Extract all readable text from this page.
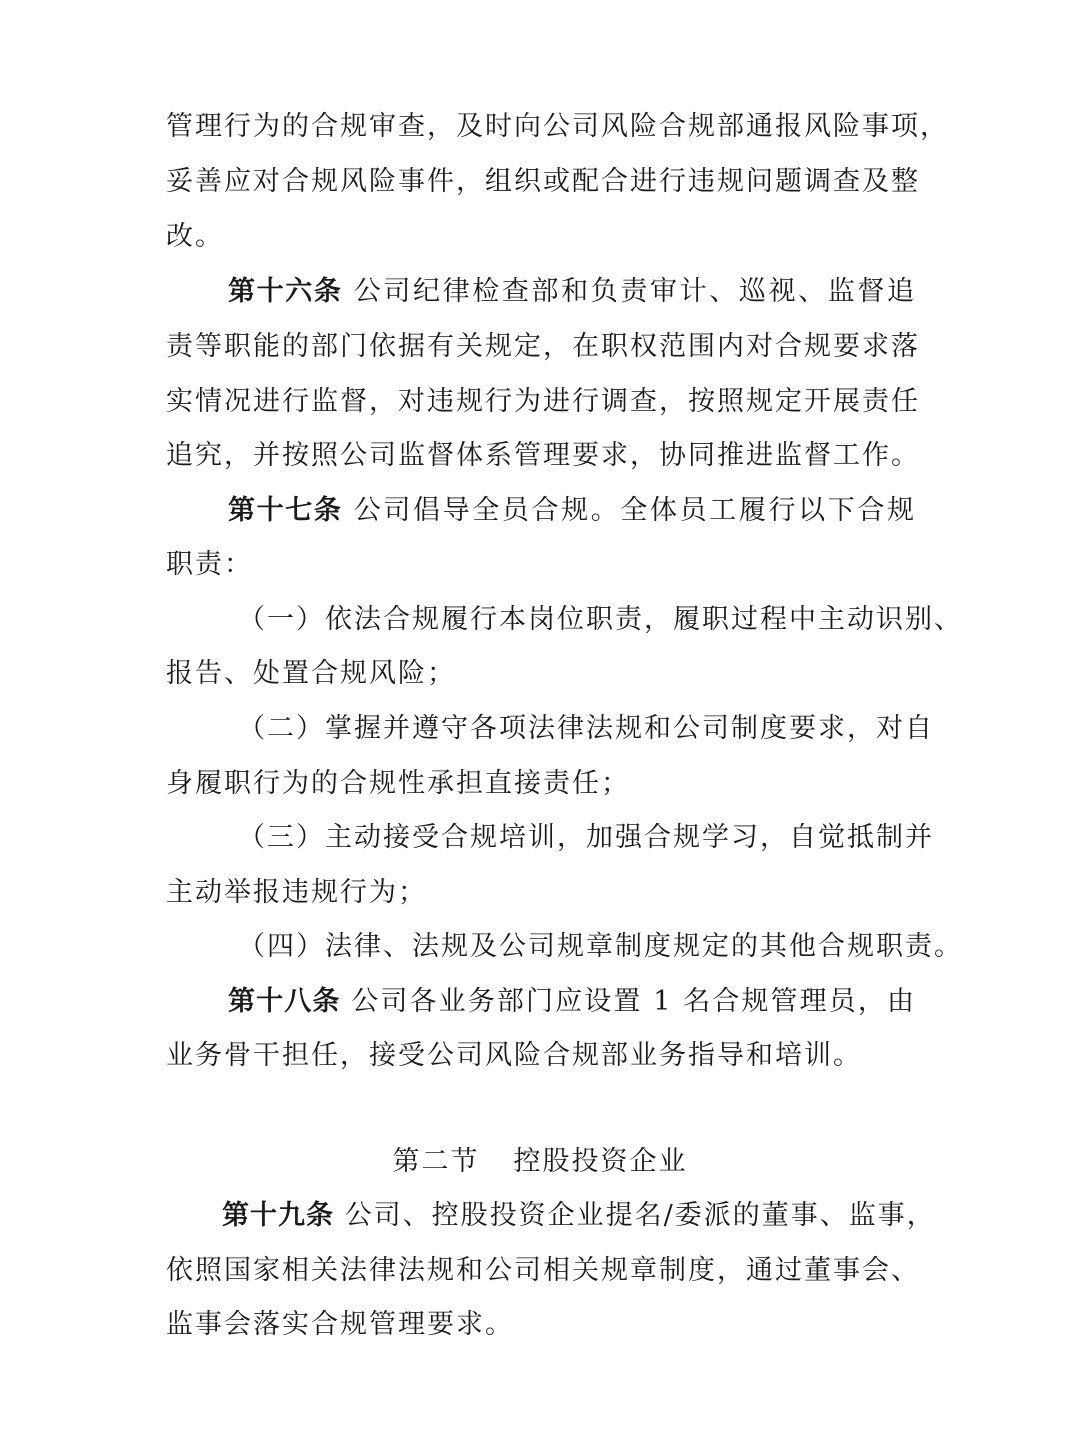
管理行为的合规审查，及时向公司风险合规部通报风险事项，
妥善应对合规风险事件，组织或配合进行违规问题调查及整
改。
第十六条 公司纪律检查部和负责审计、巡视、监督追
责等职能的部门依据有关规定，在职权范围内对合规要求落
实情况进行监督，对违规行为进行调查，按照规定开展责任
追究，并按照公司监督体系管理要求，协同推进监督工作。
第十七条 公司倡导全员合规。全体员工履行以下合规
职责：
（一）依法合规履行本岗位职责，履职过程中主动识别、
报告、处置合规风险；
（二）掌握并遵守各项法律法规和公司制度要求，对自
身履职行为的合规性承担直接责任；
（三）主动接受合规培训，加强合规学习，自觉抵制并
主动举报违规行为；
（四）法律、法规及公司规章制度规定的其他合规职责。
第十八条 公司各业务部门应设置 1 名合规管理员，由
业务骨干担任，接受公司风险合规部业务指导和培训。
第二节 控股投资企业
第十九条 公司、控股投资企业提名/委派的董事、监事，
依照国家相关法律法规和公司相关规章制度，通过董事会、
监事会落实合规管理要求。
